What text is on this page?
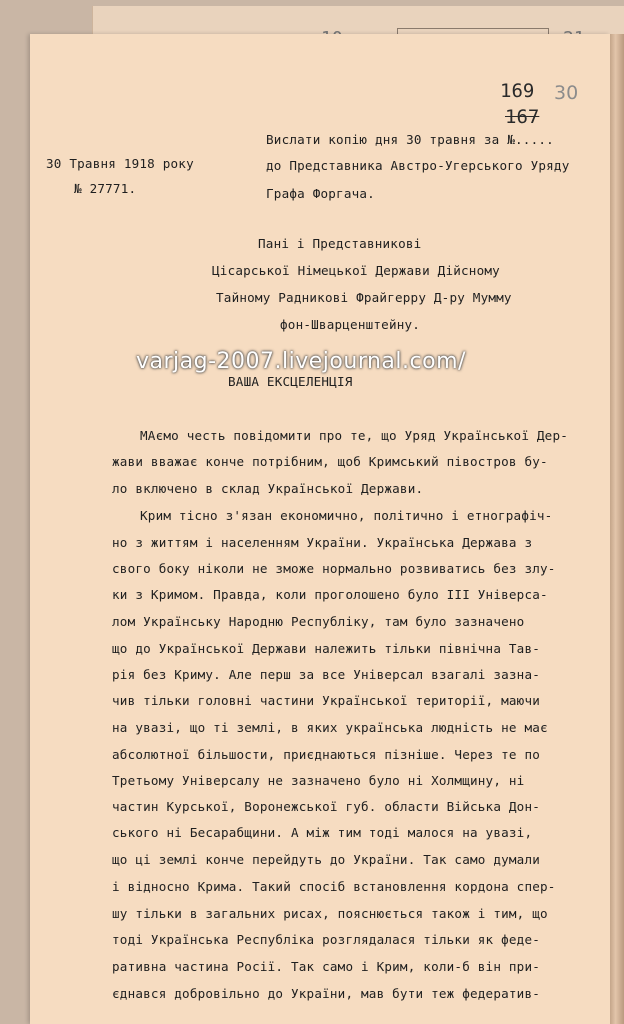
169 30
167
30 Травня 1918 року
№ 27771.
Вислати копію дня 30 травня за №.....
до Представника Австро-Угерського Уряду
Графа Форгача.
Пані і Представникові
Цісарської Німецької Держави Дійсному
Тайному Радникові Фрайгерру Д-ру Мумму
фон-Шварценштейну.
ВАША ЕКСЦЕЛЕНЦІЯ
МАємо честь повідомити про те, що Уряд Української Дер-
жави вважає конче потрібним, щоб Кримський півостров бу-
ло включено в склад Української Держави.
Крим тісно з'язан економично, політично і етнографіч-
но з життям і населенням України. Українська Держава з
свого боку ніколи не зможе нормально розвиватись без злу-
ки з Кримом. Правда, коли проголошено було ІІІ Універса-
лом Українську Народню Республіку, там було зазначено
що до Української Держави належить тільки північна Тав-
рія без Криму. Але перш за все Універсал взагалі зазна-
чив тільки головні частини Української території, маючи
на увазі, що ті землі, в яких українська людність не має
абсолютної більшости, приєднаються пізніше. Через те по
Третьому Універсалу не зазначено було ні Холмщину, ні
частин Курської, Воронежської губ. области Війська Дон-
ського ні Бесарабщини. А між тим тоді малося на увазі,
що ці землі конче перейдуть до України. Так само думали
і відносно Крима. Такий спосіб встановлення кордона спер-
шу тільки в загальних рисах, пояснюється також і тим, що
тоді Українська Республіка розглядалася тільки як феде-
ративна частина Росії. Так само і Крим, коли-б він при-
єднався добровільно до України, мав бути теж федератив-
varjag-2007.livejournal.com/
